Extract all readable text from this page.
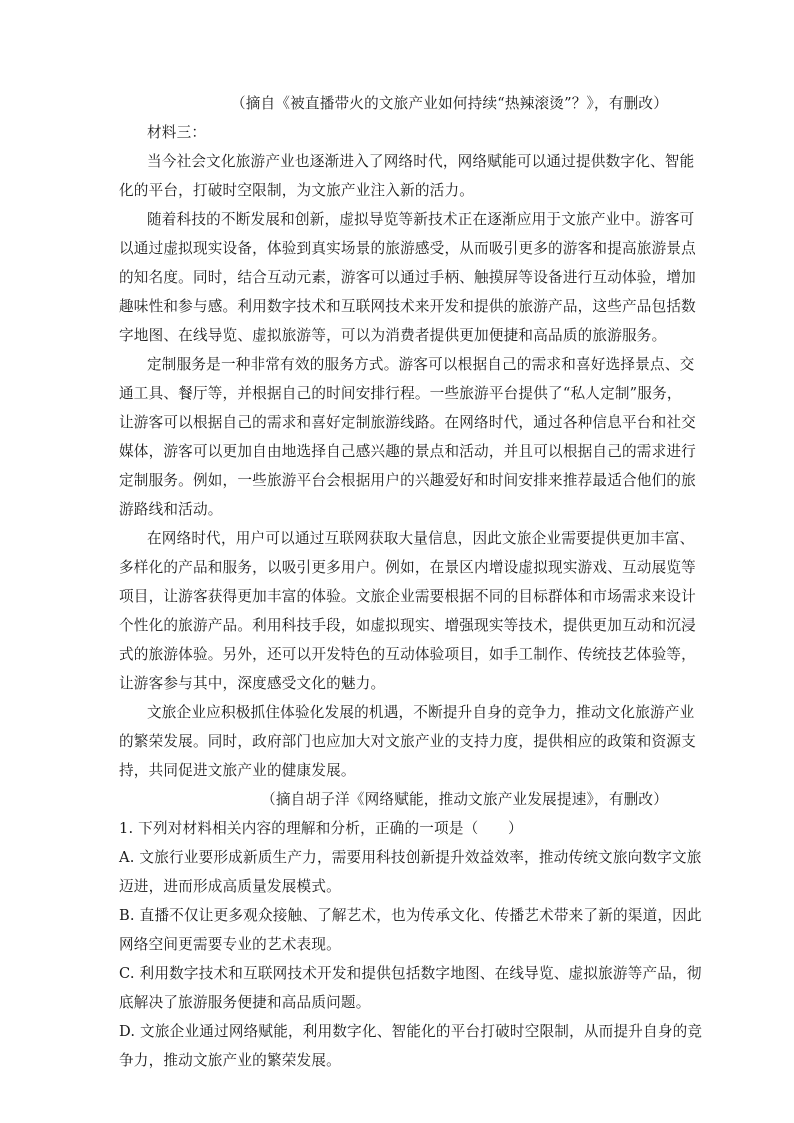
（摘自《被直播带火的文旅产业如何持续“热辣滚烫”？》，有删改）
材料三：
当今社会文化旅游产业也逐渐进入了网络时代，网络赋能可以通过提供数字化、智能
化的平台，打破时空限制，为文旅产业注入新的活力。
随着科技的不断发展和创新，虚拟导览等新技术正在逐渐应用于文旅产业中。游客可
以通过虚拟现实设备，体验到真实场景的旅游感受，从而吸引更多的游客和提高旅游景点
的知名度。同时，结合互动元素，游客可以通过手柄、触摸屏等设备进行互动体验，增加
趣味性和参与感。利用数字技术和互联网技术来开发和提供的旅游产品，这些产品包括数
字地图、在线导览、虚拟旅游等，可以为消费者提供更加便捷和高品质的旅游服务。
定制服务是一种非常有效的服务方式。游客可以根据自己的需求和喜好选择景点、交
通工具、餐厅等，并根据自己的时间安排行程。一些旅游平台提供了“私人定制”服务，
让游客可以根据自己的需求和喜好定制旅游线路。在网络时代，通过各种信息平台和社交
媒体，游客可以更加自由地选择自己感兴趣的景点和活动，并且可以根据自己的需求进行
定制服务。例如，一些旅游平台会根据用户的兴趣爱好和时间安排来推荐最适合他们的旅
游路线和活动。
在网络时代，用户可以通过互联网获取大量信息，因此文旅企业需要提供更加丰富、
多样化的产品和服务，以吸引更多用户。例如，在景区内增设虚拟现实游戏、互动展览等
项目，让游客获得更加丰富的体验。文旅企业需要根据不同的目标群体和市场需求来设计
个性化的旅游产品。利用科技手段，如虚拟现实、增强现实等技术，提供更加互动和沉浸
式的旅游体验。另外，还可以开发特色的互动体验项目，如手工制作、传统技艺体验等，
让游客参与其中，深度感受文化的魅力。
文旅企业应积极抓住体验化发展的机遇，不断提升自身的竞争力，推动文化旅游产业
的繁荣发展。同时，政府部门也应加大对文旅产业的支持力度，提供相应的政策和资源支
持，共同促进文旅产业的健康发展。
（摘自胡子洋《网络赋能，推动文旅产业发展提速》，有删改）
1. 下列对材料相关内容的理解和分析，正确的一项是（　　）
A. 文旅行业要形成新质生产力，需要用科技创新提升效益效率，推动传统文旅向数字文旅
迈进，进而形成高质量发展模式。
B. 直播不仅让更多观众接触、了解艺术，也为传承文化、传播艺术带来了新的渠道，因此
网络空间更需要专业的艺术表现。
C. 利用数字技术和互联网技术开发和提供包括数字地图、在线导览、虚拟旅游等产品，彻
底解决了旅游服务便捷和高品质问题。
D. 文旅企业通过网络赋能，利用数字化、智能化的平台打破时空限制，从而提升自身的竞
争力，推动文旅产业的繁荣发展。
